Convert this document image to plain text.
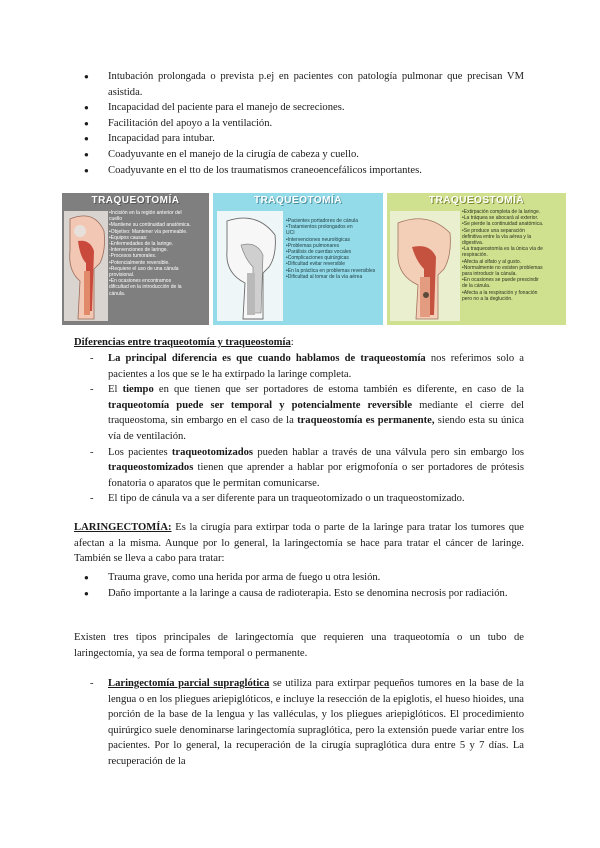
● Intubación prolongada o prevista p.ej en pacientes con patología pulmonar que precisan VM asistida.
● Incapacidad del paciente para el manejo de secreciones.
● Facilitación del apoyo a la ventilación.
● Incapacidad para intubar.
● Coadyuvante en el manejo de la cirugía de cabeza y cuello.
● Coadyuvante en el tto de los traumatismos craneoencefálicos importantes.
TRAQUEOTOMÍA
•Incisión en la región anterior del
cuello
•Mantiene su continuidad anatómica.
•Objetivo: Mantener vía permeable.
•Equipos causas:
-Enfermedades de la laringe.
-Intervenciones de laringe.
-Procesos tumorales.
•Potencialmente reversible.
•Requiere el uso de una cánula
provisional.
•En ocasiones encontramos
dificultad en la introducción de la
cánula.
TRAQUEOTOMÍA
•Pacientes portadores de cánula
•Tratamientos prolongados en
UCI
•Intervenciones neurológicas
•Problemas pulmonares
•Parálisis de cuerdas vocales
•Complicaciones quirúrgicas
•Dificultad evitar reversible
•En la práctica en problemas reversibles
•Dificultad al tomar de la vía aérea
TRAQUEOSTOMÍA
•Extirpación completa de la laringe.
•La tráquea se abocará al exterior.
•Se pierde la continuidad anatómica.
•Se produce una separación
definitiva entre la vía aérea y la
digestiva.
•La traqueostomía es la única vía de
respiración.
•Afecta al olfato y al gusto.
•Normalmente no existen problemas
para introducir la cánula.
•En ocasiones se puede prescindir
de la cánula.
•Afecta a la respiración y fonación
pero no a la deglución.
Diferencias entre traqueotomía y traqueostomía:
- La principal diferencia es que cuando hablamos de traqueostomía nos referimos solo a pacientes a los que se le ha extirpado la laringe completa.
- El tiempo en que tienen que ser portadores de estoma también es diferente, en caso de la traqueotomía puede ser temporal y potencialmente reversible mediante el cierre del traqueostoma, sin embargo en el caso de la traqueostomía es permanente, siendo esta su única vía de ventilación.
- Los pacientes traqueotomizados pueden hablar a través de una válvula pero sin embargo los traqueostomizados tienen que aprender a hablar por erigmofonía o ser portadores de prótesis fonatoria o aparatos que le permitan comunicarse.
- El tipo de cánula va a ser diferente para un traqueotomizado o un traqueostomizado.
LARINGECTOMÍA: Es la cirugía para extirpar toda o parte de la laringe para tratar los tumores que afectan a la misma. Aunque por lo general, la laringectomía se hace para tratar el cáncer de laringe. También se lleva a cabo para tratar:
● Trauma grave, como una herida por arma de fuego u otra lesión.
● Daño importante a la laringe a causa de radioterapia. Esto se denomina necrosis por radiación.
Existen tres tipos principales de laringectomía que requieren una traqueotomía o un tubo de laringectomía, ya sea de forma temporal o permanente.
- Laringectomía parcial supraglótica se utiliza para extirpar pequeños tumores en la base de la lengua o en los pliegues ariepiglóticos, e incluye la resección de la epiglotis, el hueso hioides, una porción de la base de la lengua y las valléculas, y los pliegues ariepiglóticos. El procedimiento quirúrgico suele denominarse laringectomía supraglótica, pero la extensión puede variar entre los pacientes. Por lo general, la recuperación de la cirugía supraglótica dura entre 5 y 7 días. La recuperación de la
